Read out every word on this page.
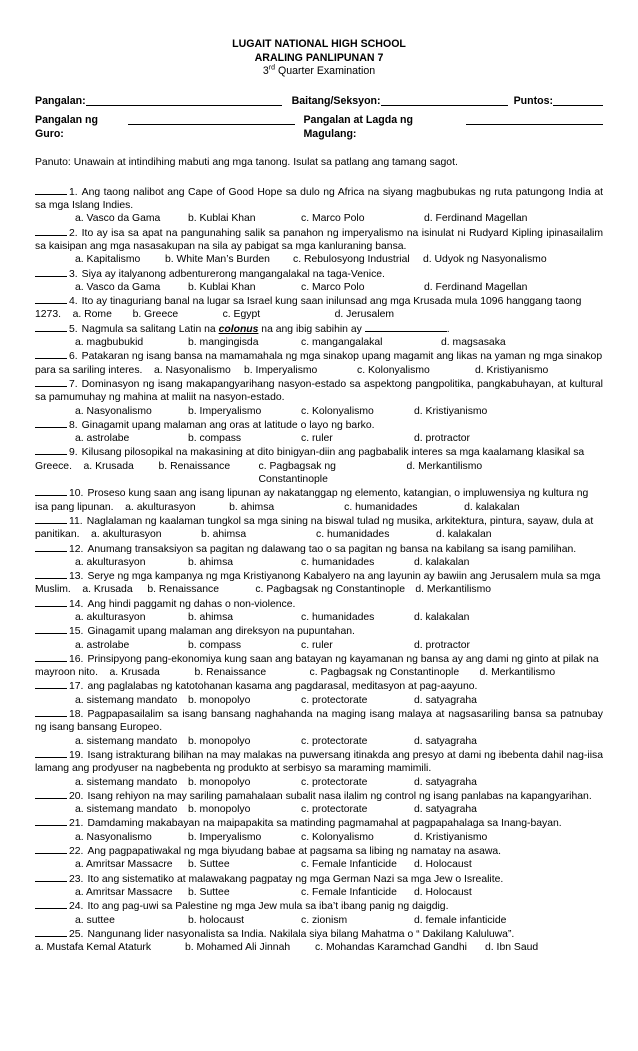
LUGAIT NATIONAL HIGH SCHOOL
ARALING PANLIPUNAN 7
3rd Quarter Examination
Pangalan:	Baitang/Seksyon:	Puntos:
Pangalan ng Guro:
Pangalan at Lagda ng Magulang:
Panuto: Unawain at intindihing mabuti ang mga tanong. Isulat sa patlang ang tamang sagot.
1. Ang taong nalibot ang Cape of Good Hope sa dulo ng Africa na siyang magbubukas ng ruta patungong India at sa mga Islang Indies.
a. Vasco da Gama	b. Kublai Khan	c. Marco Polo	d. Ferdinand Magellan
2. Ito ay isa sa apat na pangunahing salik sa panahon ng imperyalismo na isinulat ni Rudyard Kipling ipinasailalim sa kaisipan ang mga nasasakupan na sila ay pabigat sa mga kanluraning bansa.
a. Kapitalismo	b. White Man’s Burden	c. Rebulosyong Industrial	d. Udyok ng Nasyonalismo
3. Siya ay italyanong adbenturerong mangangalakal na taga-Venice.
a. Vasco da Gama	b. Kublai Khan	c. Marco Polo	d. Ferdinand Magellan
4. Ito ay tinaguriang banal na lugar sa Israel kung saan inilunsad ang mga Krusada mula 1096 hanggang taong 1273. a. Rome	b. Greece	c. Egypt	d. Jerusalem
5. Nagmula sa salitang Latin na colonus na ang ibig sabihin ay	.
a. magbubukid	b. mangingisda	c. mangangalakal	d. magsasaka
6. Patakaran ng isang bansa na mamamahala ng mga sinakop upang magamit ang likas na yaman ng mga sinakop para sa sariling interes. a. Nasyonalismo	b. Imperyalismo	c. Kolonyalismo	d. Kristiyanismo
7. Dominasyon ng isang makapangyarihang nasyon-estado sa aspektong pangpolitika, pangkabuhayan, at kultural sa pamumuhay ng mahina at maliit na nasyon-estado.
a. Nasyonalismo	b. Imperyalismo	c. Kolonyalismo	d. Kristiyanismo
8. Ginagamit upang malaman ang oras at latitude o layo ng barko.
a. astrolabe	b. compass	c. ruler	d. protractor
9. Kilusang pilosopikal na makasining at dito binigyan-diin ang pagbabalik interes sa mga kaalamang klasikal sa Greece. a. Krusada	b. Renaissance	c. Pagbagsak ng Constantinople
d. Merkantilismo
10. Proseso kung saan ang isang lipunan ay nakatanggap ng elemento, katangian, o impluwensiya ng kultura ng isa pang lipunan. a. akulturasyon	b. ahimsa	c. humanidades	d. kalakalan
11. Naglalaman ng kaalaman tungkol sa mga sining na biswal tulad ng musika, arkitektura, pintura, sayaw, dula at panitikan. a. akulturasyon	b. ahimsa	c. humanidades	d. kalakalan
12. Anumang transaksiyon sa pagitan ng dalawang tao o sa pagitan ng bansa na kabilang sa isang pamilihan.
a. akulturasyon	b. ahimsa	c. humanidades	d. kalakalan
13. Serye ng mga kampanya ng mga Kristiyanong Kabalyero na ang layunin ay bawiin ang Jerusalem mula sa mga Muslim. a. Krusada	b. Renaissance	c. Pagbagsak ng Constantinople d. Merkantilismo
14. Ang hindi paggamit ng dahas o non-violence.
a. akulturasyon	b. ahimsa	c. humanidades	d. kalakalan
15. Ginagamit upang malaman ang direksyon na pupuntahan.
a. astrolabe	b. compass	c. ruler	d. protractor
16. Prinsipyong pang-ekonomiya kung saan ang batayan ng kayamanan ng bansa ay ang dami ng ginto at pilak na mayroon nito. a. Krusada	b. Renaissance	c. Pagbagsak ng Constantinople	d. Merkantilismo
17. ang paglalabas ng katotohanan kasama ang pagdarasal, meditasyon at pag-aayuno.
a. sistemang mandato	b. monopolyo	c. protectorate	d. satyagraha
18. Pagpapasailalim sa isang bansang naghahanda na maging isang malaya at nagsasariling bansa sa patnubay ng isang bansang Europeo.
a. sistemang mandato	b. monopolyo	c. protectorate	d. satyagraha
19. Isang istrakturang bilihan na may malakas na puwersang itinakda ang presyo at dami ng ibebenta dahil nag-iisa lamang ang prodyuser na nagbebenta ng produkto at serbisyo sa maraming mamimili.
a. sistemang mandato	b. monopolyo	c. protectorate	d. satyagraha
20. Isang rehiyon na may sariling pamahalaan subalit nasa ilalim ng control ng isang panlabas na kapangyarihan.
a. sistemang mandato	b. monopolyo	c. protectorate	d. satyagraha
21. Damdaming makabayan na maipapakita sa matinding pagmamahal at pagpapahalaga sa Inang-bayan.
a. Nasyonalismo	b. Imperyalismo	c. Kolonyalismo	d. Kristiyanismo
22. Ang pagpapatiwakal ng mga biyudang babae at pagsama sa libing ng namatay na asawa.
a. Amritsar Massacre	b. Suttee	c. Female Infanticide	d. Holocaust
23. Ito ang sistematiko at malawakang pagpatay ng mga German Nazi sa mga Jew o Isrealite.
a. Amritsar Massacre	b. Suttee	c. Female Infanticide	d. Holocaust
24. Ito ang pag-uwi sa Palestine ng mga Jew mula sa iba’t ibang panig ng daigdig.
a. suttee	b. holocaust	c. zionism	d. female infanticide
25. Nangunang lider nasyonalista sa India. Nakilala siya bilang Mahatma o “ Dakilang Kaluluwa”.
a. Mustafa Kemal Ataturk	b. Mohamed Ali Jinnah	c. Mohandas Karamchad Gandhi	d. Ibn Saud
